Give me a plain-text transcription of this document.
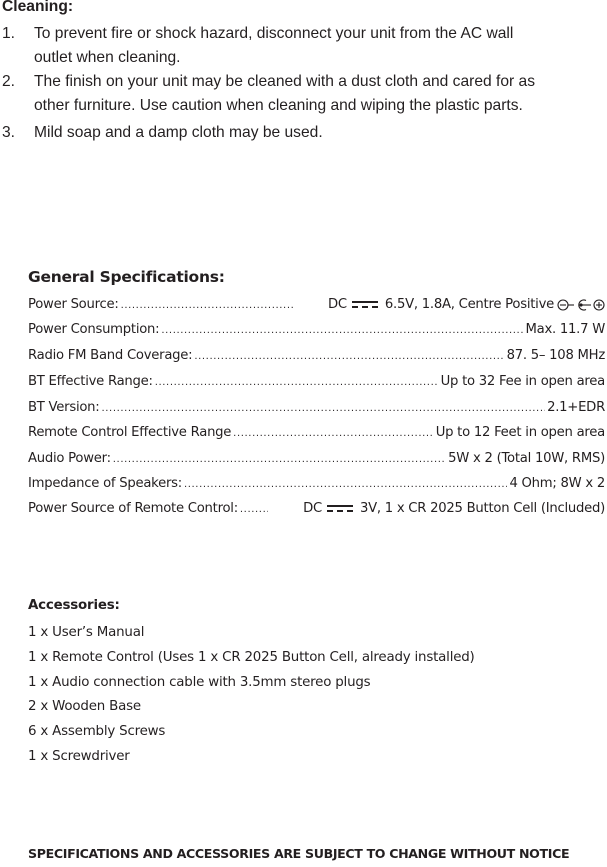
Cleaning:
1. To prevent fire or shock hazard, disconnect your unit from the AC wall
outlet when cleaning.
2. The finish on your unit may be cleaned with a dust cloth and cared for as
other furniture. Use caution when cleaning and wiping the plastic parts.
3. Mild soap and a damp cloth may be used.
General Specifications:
Power Source: .....	DC	6.5V, 1.8A, Centre Positive
Power Consumption: .....	Max. 11.7 W
Radio FM Band Coverage: .....	87. 5– 108 MHz
BT Effective Range: .....	Up to 32 Fee in open area
BT Version: .....	2.1+EDR
Remote Control Effective Range .....	Up to 12 Feet in open area
Audio Power: .....	5W x 2 (Total 10W, RMS)
Impedance of Speakers: .....	4 Ohm; 8W x 2
Power Source of Remote Control: .....	DC	3V, 1 x CR 2025 Button Cell (Included)
Accessories:
1 x User’s Manual
1 x Remote Control (Uses 1 x CR 2025 Button Cell, already installed)
1 x Audio connection cable with 3.5mm stereo plugs
2 x Wooden Base
6 x Assembly Screws
1 x Screwdriver
SPECIFICATIONS AND ACCESSORIES ARE SUBJECT TO CHANGE WITHOUT NOTICE
